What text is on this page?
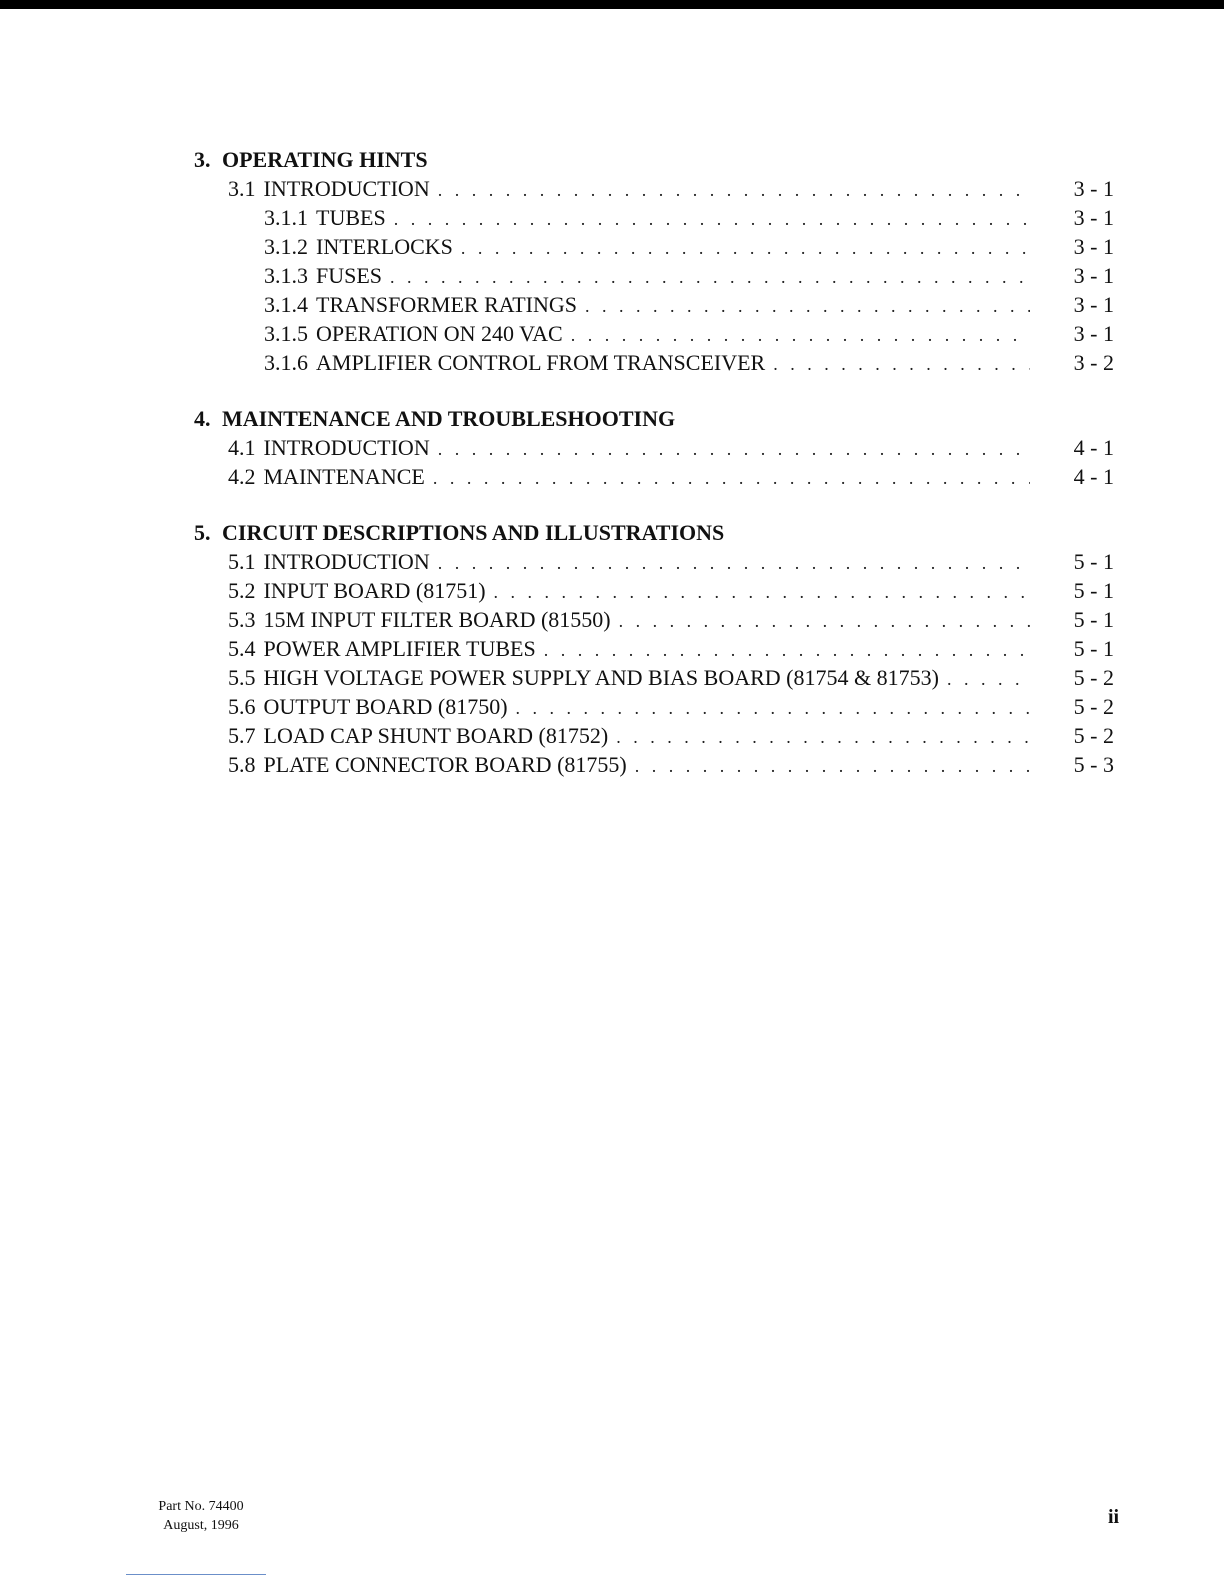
3. OPERATING HINTS
3.1 INTRODUCTION . . .	3 - 1
3.1.1 TUBES . . .	3 - 1
3.1.2 INTERLOCKS . . .	3 - 1
3.1.3 FUSES . . .	3 - 1
3.1.4 TRANSFORMER RATINGS . . .	3 - 1
3.1.5 OPERATION ON 240 VAC . . .	3 - 1
3.1.6 AMPLIFIER CONTROL FROM TRANSCEIVER . . .	3 - 2
4. MAINTENANCE AND TROUBLESHOOTING
4.1 INTRODUCTION . . .	4 - 1
4.2 MAINTENANCE . . .	4 - 1
5. CIRCUIT DESCRIPTIONS AND ILLUSTRATIONS
5.1 INTRODUCTION . . .	5 - 1
5.2 INPUT BOARD (81751) . . .	5 - 1
5.3 15M INPUT FILTER BOARD (81550) . . .	5 - 1
5.4 POWER AMPLIFIER TUBES . . .	5 - 1
5.5 HIGH VOLTAGE POWER SUPPLY AND BIAS BOARD (81754 & 81753) . . .	5 - 2
5.6 OUTPUT BOARD (81750) . . .	5 - 2
5.7 LOAD CAP SHUNT BOARD (81752) . . .	5 - 2
5.8 PLATE CONNECTOR BOARD (81755) . . .	5 - 3
Part No. 74400
August, 1996	ii
